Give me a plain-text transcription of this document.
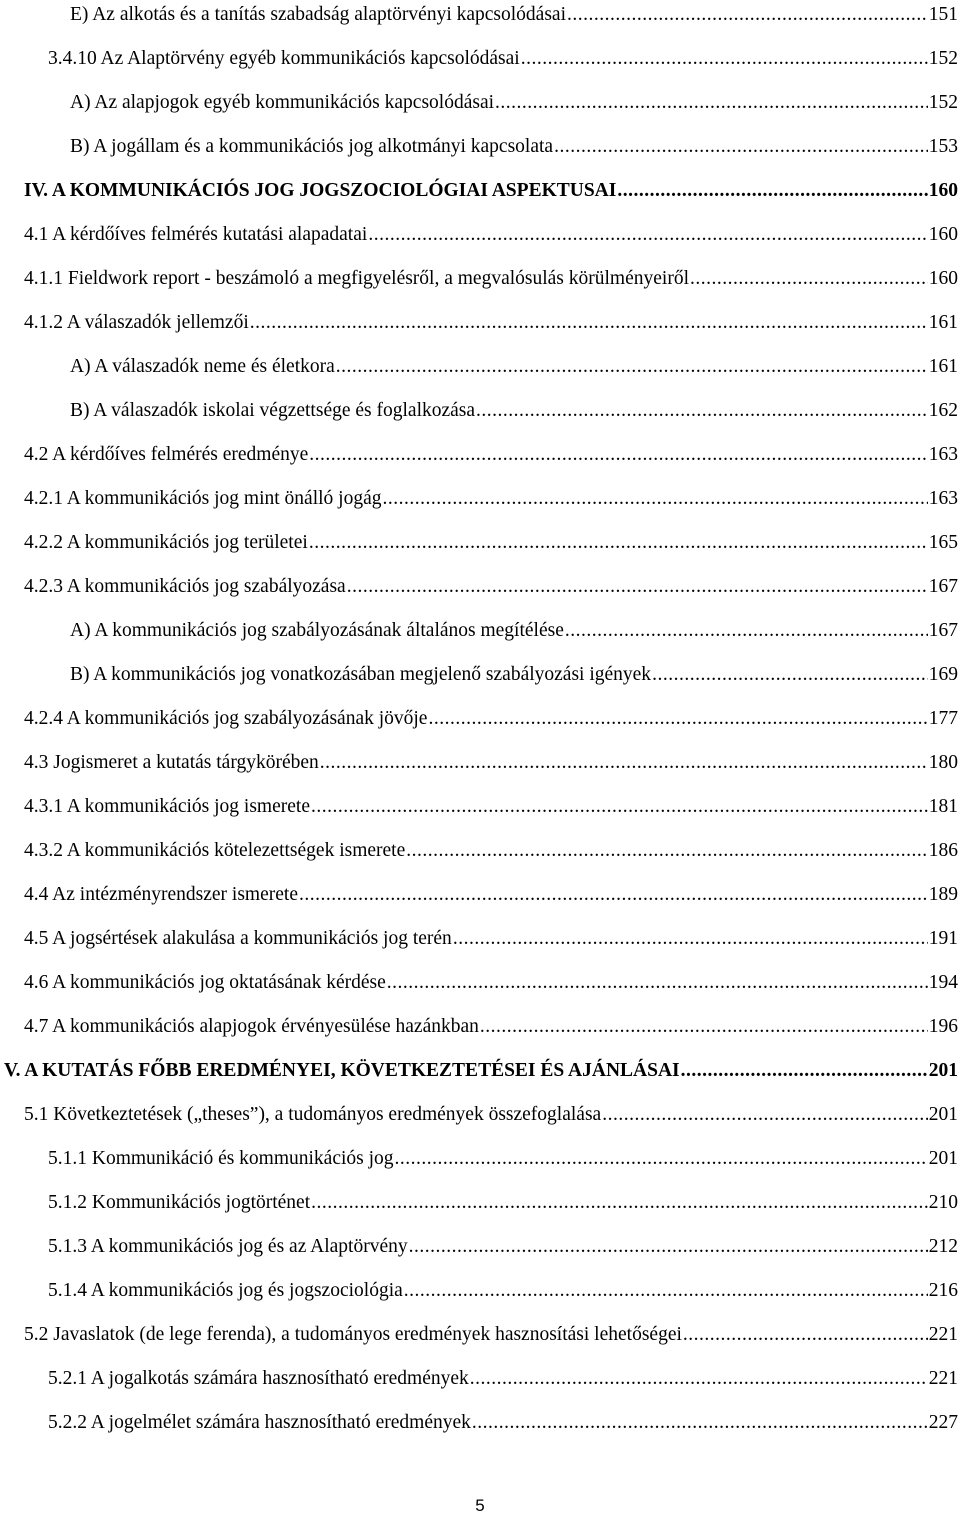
E) Az alkotás és a tanítás szabadság alaptörvényi kapcsolódásai .....	151
3.4.10 Az Alaptörvény egyéb kommunikációs kapcsolódásai .....	152
A) Az alapjogok egyéb kommunikációs kapcsolódásai .....	152
B) A jogállam és a kommunikációs jog alkotmányi kapcsolata .....	153
IV. A KOMMUNIKÁCIÓS JOG JOGSZOCIOLÓGIAI ASPEKTUSAI .....	160
4.1 A kérdőíves felmérés kutatási alapadatai .....	160
4.1.1 Fieldwork report - beszámoló a megfigyelésről, a megvalósulás körülményeiről .....	160
4.1.2 A válaszadók jellemzői .....	161
A) A válaszadók neme és életkora .....	161
B) A válaszadók iskolai végzettsége és foglalkozása .....	162
4.2 A kérdőíves felmérés eredménye .....	163
4.2.1 A kommunikációs jog mint önálló jogág .....	163
4.2.2 A kommunikációs jog területei .....	165
4.2.3 A kommunikációs jog szabályozása .....	167
A) A kommunikációs jog szabályozásának általános megítélése .....	167
B) A kommunikációs jog vonatkozásában megjelenő szabályozási igények .....	169
4.2.4 A kommunikációs jog szabályozásának jövője .....	177
4.3 Jogismeret a kutatás tárgykörében .....	180
4.3.1 A kommunikációs jog ismerete .....	181
4.3.2 A kommunikációs kötelezettségek ismerete .....	186
4.4 Az intézményrendszer ismerete .....	189
4.5 A jogsértések alakulása a kommunikációs jog terén .....	191
4.6 A kommunikációs jog oktatásának kérdése .....	194
4.7 A kommunikációs alapjogok érvényesülése hazánkban .....	196
V. A KUTATÁS FŐBB EREDMÉNYEI, KÖVETKEZTETÉSEI ÉS AJÁNLÁSAI .....	201
5.1 Következtetések („theses”), a tudományos eredmények összefoglalása .....	201
5.1.1 Kommunikáció és kommunikációs jog .....	201
5.1.2 Kommunikációs jogtörténet .....	210
5.1.3 A kommunikációs jog és az Alaptörvény .....	212
5.1.4 A kommunikációs jog és jogszociológia .....	216
5.2 Javaslatok (de lege ferenda), a tudományos eredmények hasznosítási lehetőségei .....	221
5.2.1 A jogalkotás számára hasznosítható eredmények .....	221
5.2.2 A jogelmélet számára hasznosítható eredmények .....	227
5
